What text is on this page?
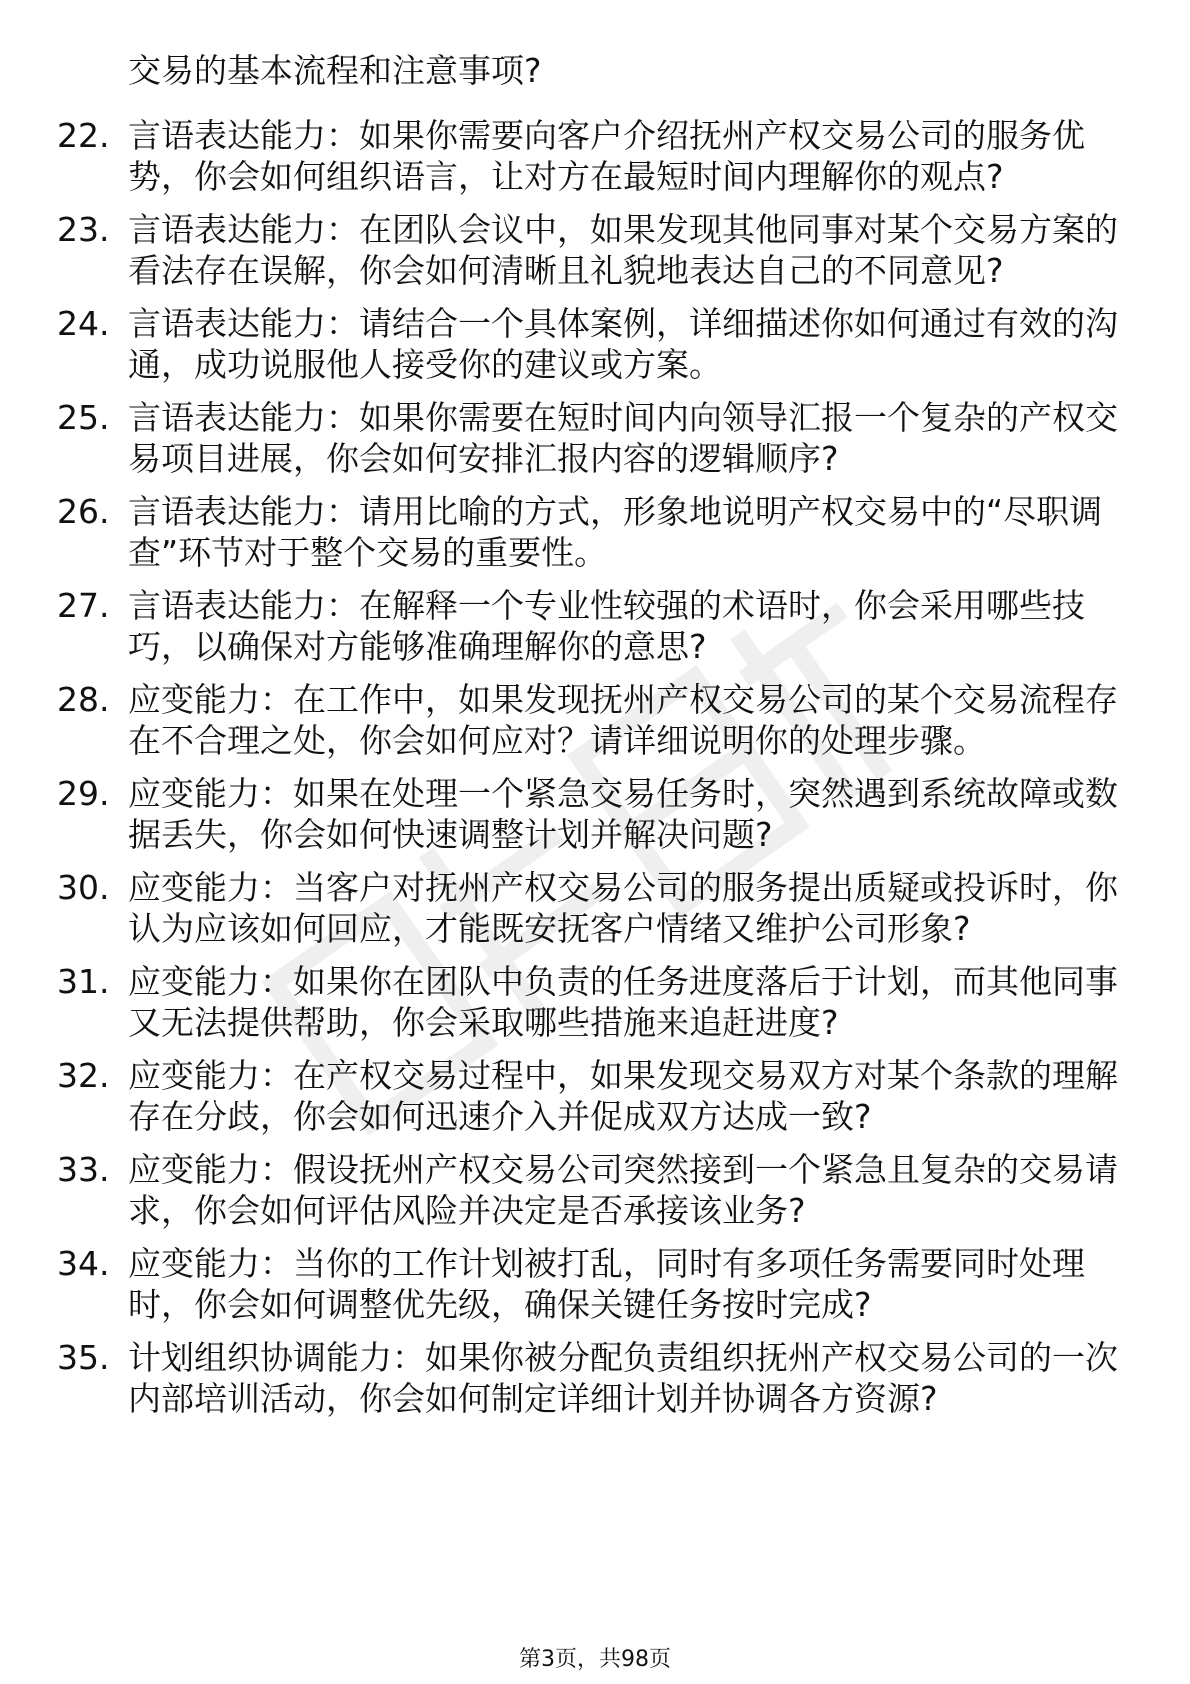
交易的基本流程和注意事项?
22. 言语表达能力：如果你需要向客户介绍抚州产权交易公司的服务优势，你会如何组织语言，让对方在最短时间内理解你的观点?
23. 言语表达能力：在团队会议中，如果发现其他同事对某个交易方案的看法存在误解，你会如何清晰且礼貌地表达自己的不同意见?
24. 言语表达能力：请结合一个具体案例，详细描述你如何通过有效的沟通，成功说服他人接受你的建议或方案。
25. 言语表达能力：如果你需要在短时间内向领导汇报一个复杂的产权交易项目进展，你会如何安排汇报内容的逻辑顺序?
26. 言语表达能力：请用比喻的方式，形象地说明产权交易中的“尽职调查”环节对于整个交易的重要性。
27. 言语表达能力：在解释一个专业性较强的术语时，你会采用哪些技巧，以确保对方能够准确理解你的意思?
28. 应变能力：在工作中，如果发现抚州产权交易公司的某个交易流程存在不合理之处，你会如何应对？请详细说明你的处理步骤。
29. 应变能力：如果在处理一个紧急交易任务时，突然遇到系统故障或数据丢失，你会如何快速调整计划并解决问题?
30. 应变能力：当客户对抚州产权交易公司的服务提出质疑或投诉时，你认为应该如何回应，才能既安抚客户情绪又维护公司形象?
31. 应变能力：如果你在团队中负责的任务进度落后于计划，而其他同事又无法提供帮助，你会采取哪些措施来追赶进度?
32. 应变能力：在产权交易过程中，如果发现交易双方对某个条款的理解存在分歧，你会如何迅速介入并促成双方达成一致?
33. 应变能力：假设抚州产权交易公司突然接到一个紧急且复杂的交易请求，你会如何评估风险并决定是否承接该业务?
34. 应变能力：当你的工作计划被打乱，同时有多项任务需要同时处理时，你会如何调整优先级，确保关键任务按时完成?
35. 计划组织协调能力：如果你被分配负责组织抚州产权交易公司的一次内部培训活动，你会如何制定详细计划并协调各方资源?
第3页，共98页
